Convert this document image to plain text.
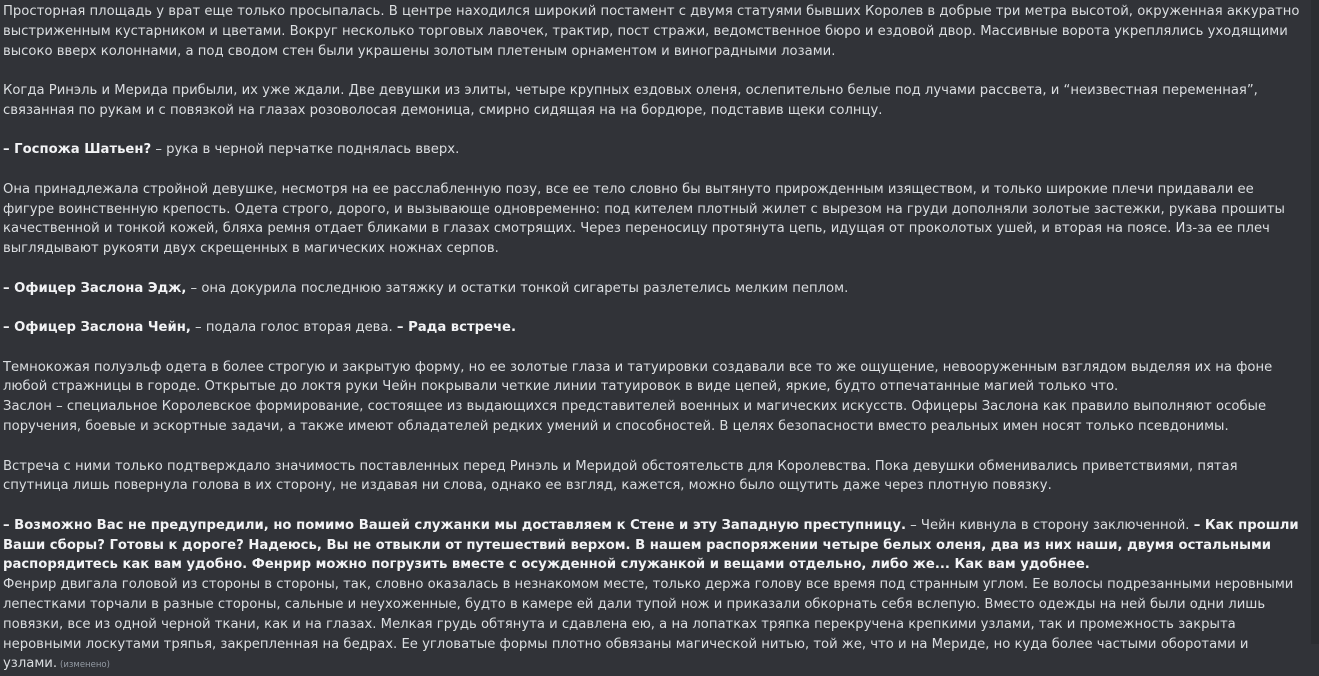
Просторная площадь у врат еще только просыпалась. В центре находился широкий постамент с двумя статуями бывших Королев в добрые три метра высотой, окруженная аккуратно выстриженным кустарником и цветами. Вокруг несколько торговых лавочек, трактир, пост стражи, ведомственное бюро и ездовой двор. Массивные ворота укреплялись уходящими высоко вверх колоннами, а под сводом стен были украшены золотым плетеным орнаментом и виноградными лозами.

Когда Ринэль и Мерида прибыли, их уже ждали. Две девушки из элиты, четыре крупных ездовых оленя, ослепительно белые под лучами рассвета, и “неизвестная переменная”, связанная по рукам и с повязкой на глазах розоволосая демоница, смирно сидящая на на бордюре, подставив щеки солнцу.

– Госпожа Шатьен? – рука в черной перчатке поднялась вверх.

Она принадлежала стройной девушке, несмотря на ее расслабленную позу, все ее тело словно бы вытянуто прирожденным изяществом, и только широкие плечи придавали ее фигуре воинственную крепость. Одета строго, дорого, и вызывающе одновременно: под кителем плотный жилет с вырезом на груди дополняли золотые застежки, рукава прошиты качественной и тонкой кожей, бляха ремня отдает бликами в глазах смотрящих. Через переносицу протянута цепь, идущая от проколотых ушей, и вторая на поясе. Из-за ее плеч выглядывают рукояти двух скрещенных в магических ножнах серпов.

– Офицер Заслона Эдж, – она докурила последнюю затяжку и остатки тонкой сигареты разлетелись мелким пеплом.

– Офицер Заслона Чейн, – подала голос вторая дева. – Рада встрече.

Темнокожая полуэльф одета в более строгую и закрытую форму, но ее золотые глаза и татуировки создавали все то же ощущение, невооруженным взглядом выделяя их на фоне любой стражницы в городе. Открытые до локтя руки Чейн покрывали четкие линии татуировок в виде цепей, яркие, будто отпечатанные магией только что.

Заслон – специальное Королевское формирование, состоящее из выдающихся представителей военных и магических искусств. Офицеры Заслона как правило выполняют особые поручения, боевые и эскортные задачи, а также имеют обладателей редких умений и способностей. В целях безопасности вместо реальных имен носят только псевдонимы.

Встреча с ними только подтверждало значимость поставленных перед Ринэль и Меридой обстоятельств для Королевства. Пока девушки обменивались приветствиями, пятая спутница лишь повернула голова в их сторону, не издавая ни слова, однако ее взгляд, кажется, можно было ощутить даже через плотную повязку.

– Возможно Вас не предупредили, но помимо Вашей служанки мы доставляем к Стене и эту Западную преступницу. – Чейн кивнула в сторону заключенной. – Как прошли Ваши сборы? Готовы к дороге? Надеюсь, Вы не отвыкли от путешествий верхом. В нашем распоряжении четыре белых оленя, два из них наши, двумя остальными распорядитесь как вам удобно. Фенрир можно погрузить вместе с осужденной служанкой и вещами отдельно, либо же... Как вам удобнее.

Фенрир двигала головой из стороны в стороны, так, словно оказалась в незнакомом месте, только держа голову все время под странным углом. Ее волосы подрезанными неровными лепестками торчали в разные стороны, сальные и неухоженные, будто в камере ей дали тупой нож и приказали обкорнать себя вслепую. Вместо одежды на ней были одни лишь повязки, все из одной черной ткани, как и на глазах. Мелкая грудь обтянута и сдавлена ею, а на лопатках тряпка перекручена крепкими узлами, так и промежность закрыта неровными лоскутами тряпья, закрепленная на бедрах. Ее угловатые формы плотно обвязаны магической нитью, той же, что и на Мериде, но куда более частыми оборотами и узлами. (изменено)
